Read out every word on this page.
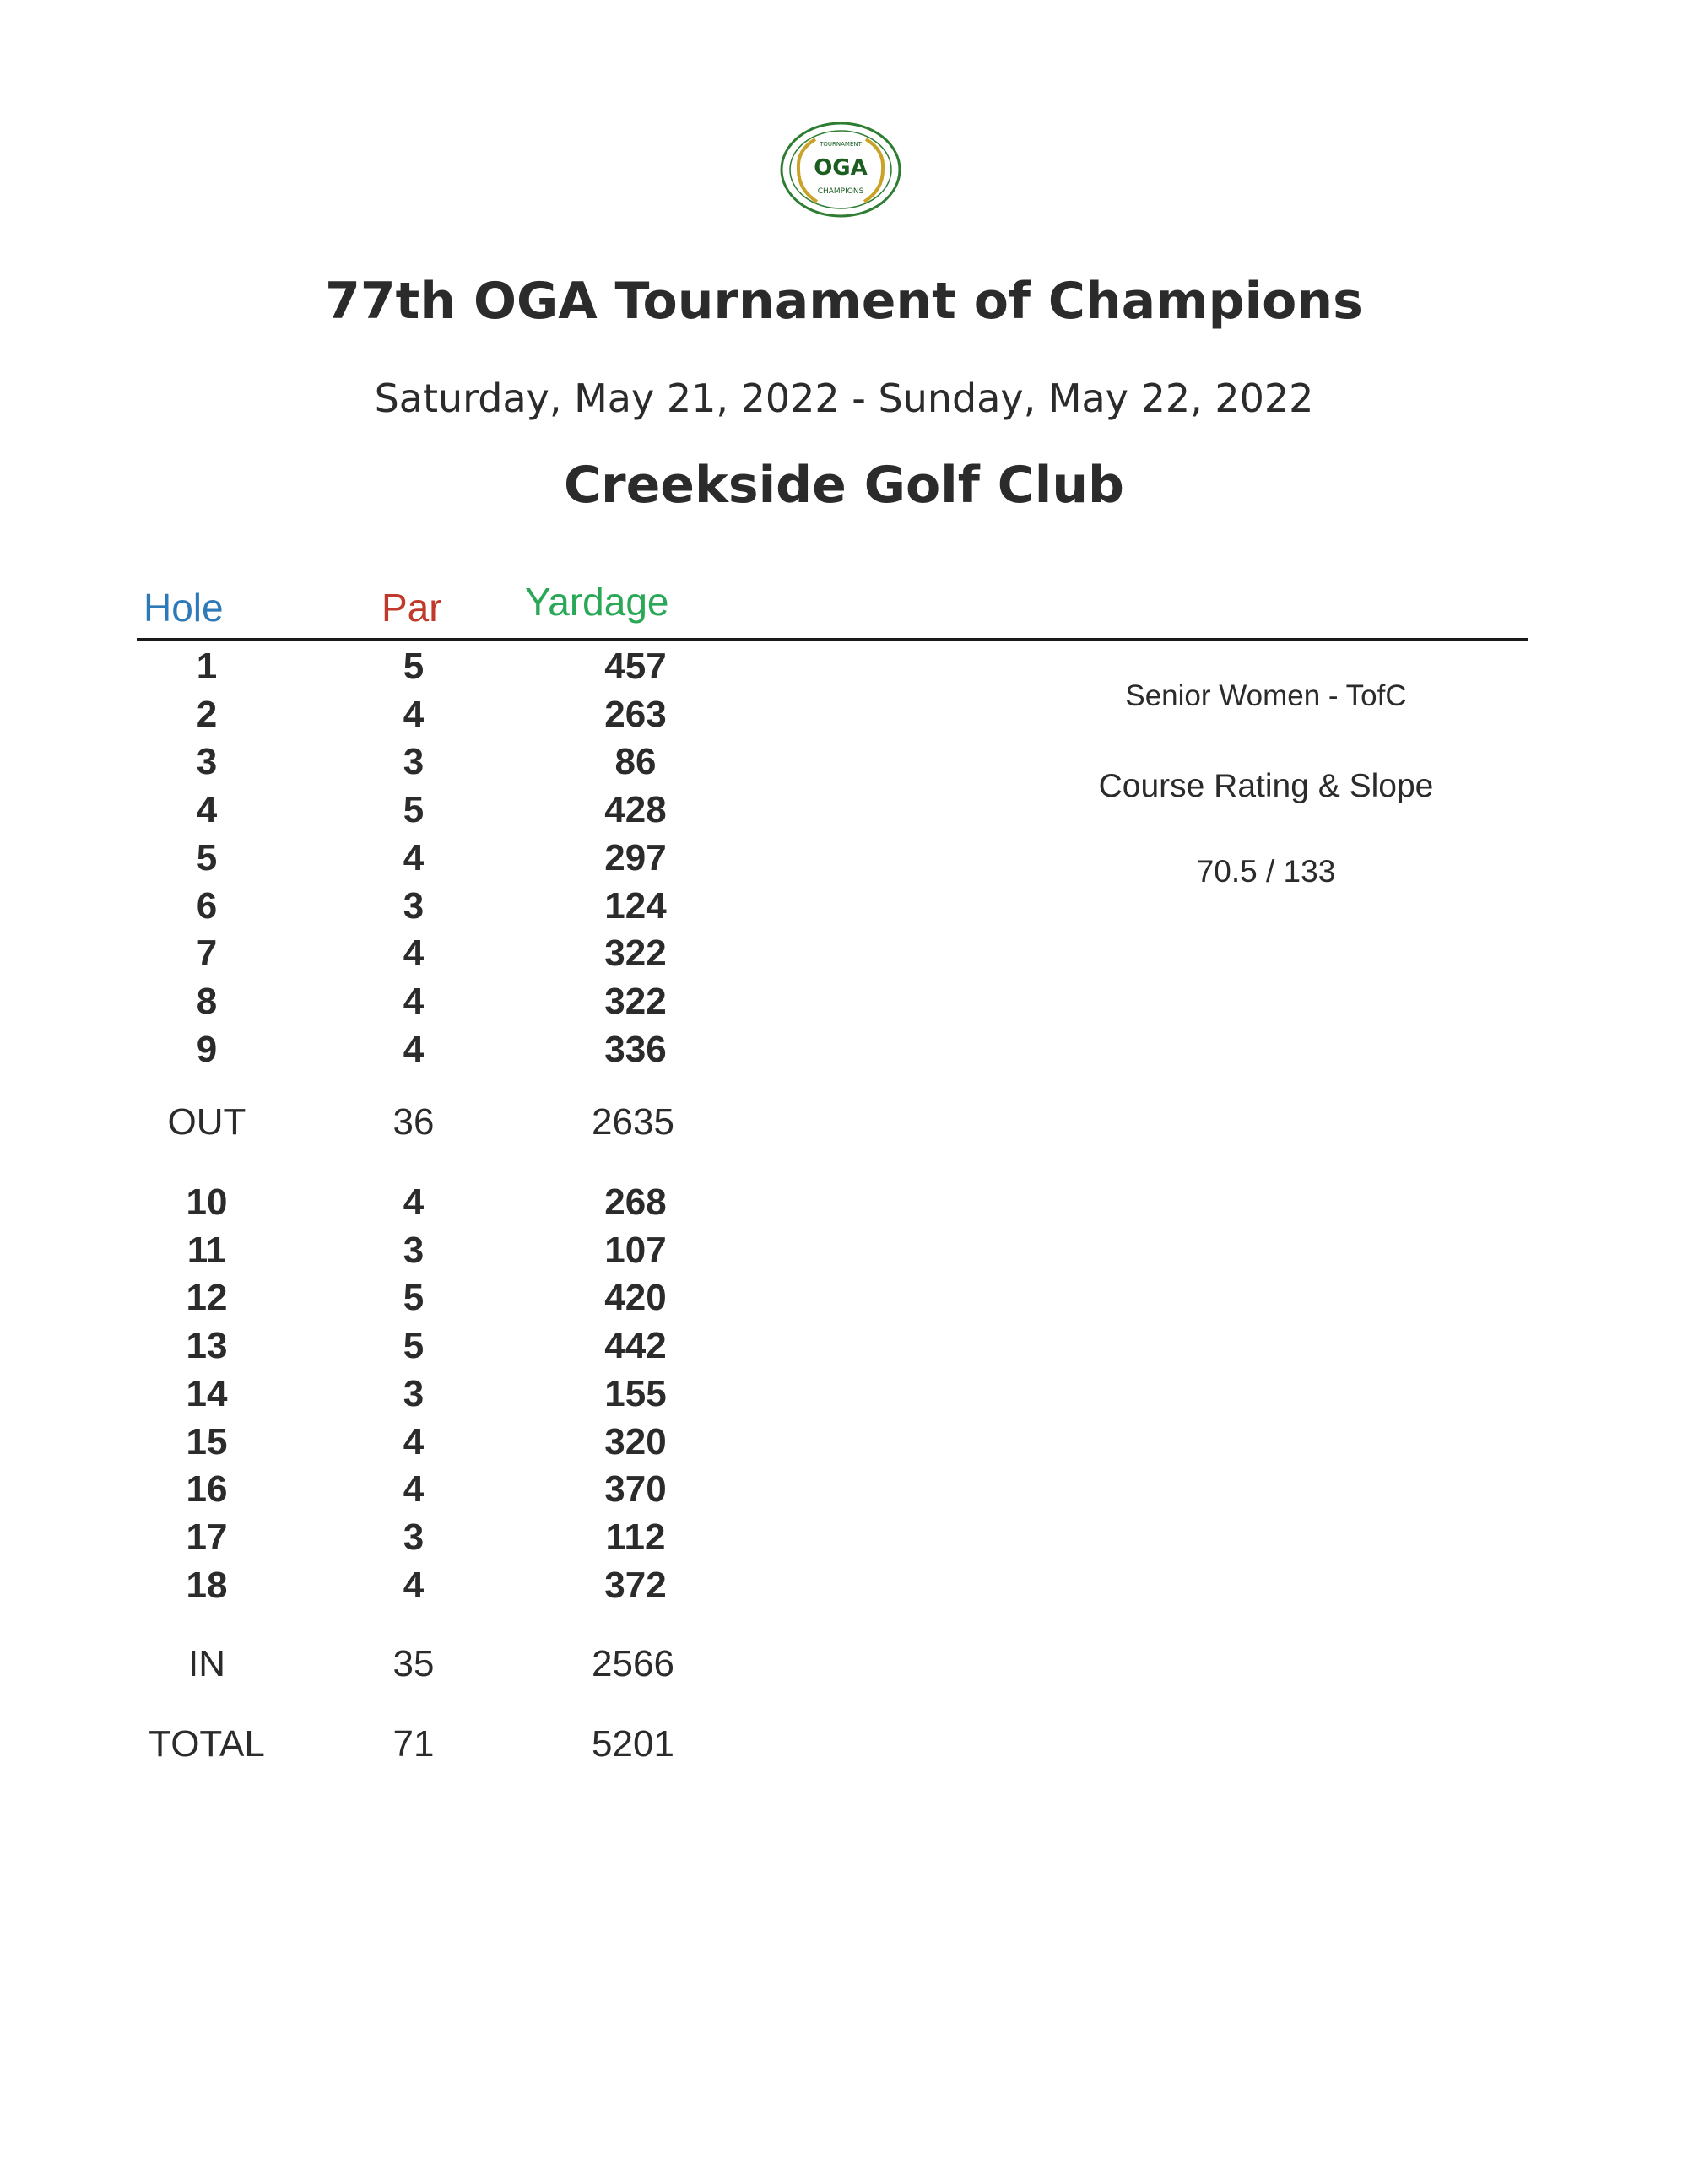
TOURNAMENT
OGA
CHAMPIONS
77th OGA Tournament of Champions
Saturday, May 21, 2022 - Sunday, May 22, 2022
Creekside Golf Club
Hole	Par Yardage
1	5	457
2	4	263
3	3	86
4	5	428
5	4	297
6	3	124
7	4	322
8	4	322
9	4	336
OUT	36	2635
10	4	268
11	3	107
12	5	420
13	5	442
14	3	155
15	4	320
16	4	370
17	3	112
18	4	372
IN	35	2566
TOTAL	71	5201
Senior Women - TofC
Course Rating & Slope
70.5 / 133
